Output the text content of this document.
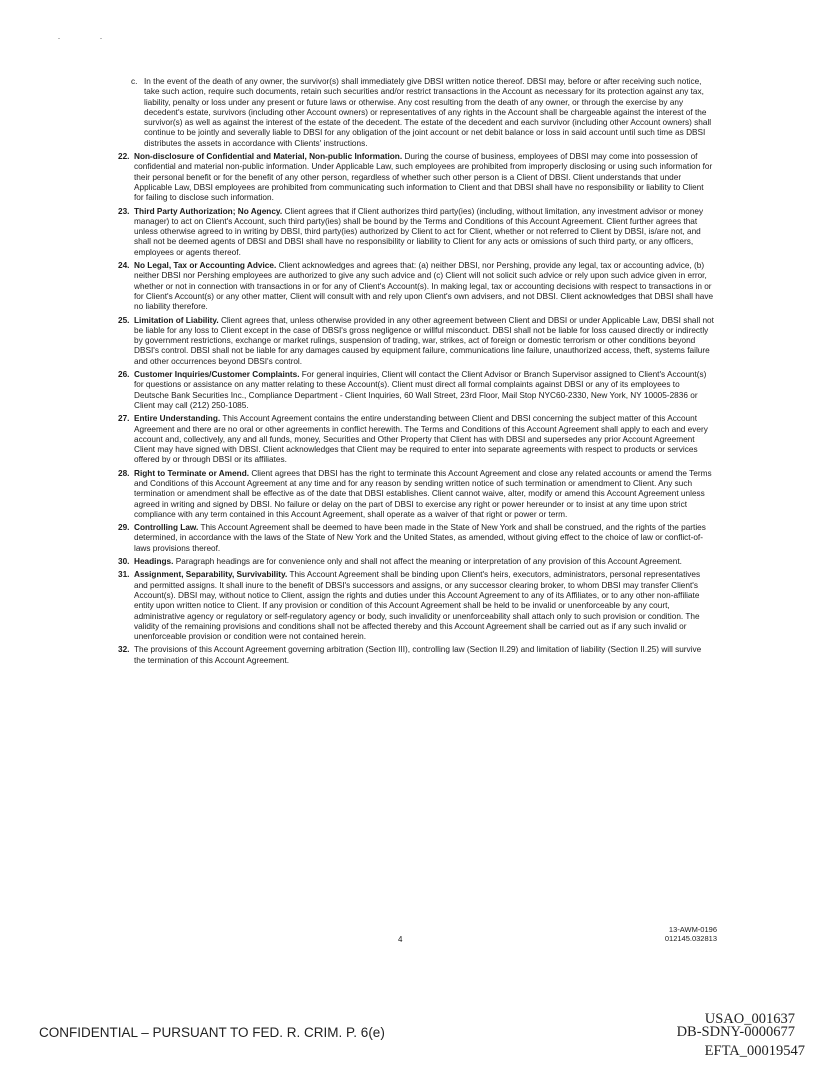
c. In the event of the death of any owner, the survivor(s) shall immediately give DBSI written notice thereof. DBSI may, before or after receiving such notice, take such action, require such documents, retain such securities and/or restrict transactions in the Account as necessary for its protection against any tax, liability, penalty or loss under any present or future laws or otherwise. Any cost resulting from the death of any owner, or through the exercise by any decedent's estate, survivors (including other Account owners) or representatives of any rights in the Account shall be chargeable against the interest of the survivor(s) as well as against the interest of the estate of the decedent. The estate of the decedent and each survivor (including other Account owners) shall continue to be jointly and severally liable to DBSI for any obligation of the joint account or net debit balance or loss in said account until such time as DBSI distributes the assets in accordance with Clients' instructions.
22. Non-disclosure of Confidential and Material, Non-public Information. During the course of business, employees of DBSI may come into possession of confidential and material non-public information. Under Applicable Law, such employees are prohibited from improperly disclosing or using such information for their personal benefit or for the benefit of any other person, regardless of whether such other person is a Client of DBSI. Client understands that under Applicable Law, DBSI employees are prohibited from communicating such information to Client and that DBSI shall have no responsibility or liability to Client for failing to disclose such information.
23. Third Party Authorization; No Agency. Client agrees that if Client authorizes third party(ies) (including, without limitation, any investment advisor or money manager) to act on Client's Account, such third party(ies) shall be bound by the Terms and Conditions of this Account Agreement. Client further agrees that unless otherwise agreed to in writing by DBSI, third party(ies) authorized by Client to act for Client, whether or not referred to Client by DBSI, is/are not, and shall not be deemed agents of DBSI and DBSI shall have no responsibility or liability to Client for any acts or omissions of such third party, or any officers, employees or agents thereof.
24. No Legal, Tax or Accounting Advice. Client acknowledges and agrees that: (a) neither DBSI, nor Pershing, provide any legal, tax or accounting advice, (b) neither DBSI nor Pershing employees are authorized to give any such advice and (c) Client will not solicit such advice or rely upon such advice given in error, whether or not in connection with transactions in or for any of Client's Account(s). In making legal, tax or accounting decisions with respect to transactions in or for Client's Account(s) or any other matter, Client will consult with and rely upon Client's own advisers, and not DBSI. Client acknowledges that DBSI shall have no liability therefore.
25. Limitation of Liability. Client agrees that, unless otherwise provided in any other agreement between Client and DBSI or under Applicable Law, DBSI shall not be liable for any loss to Client except in the case of DBSI's gross negligence or willful misconduct. DBSI shall not be liable for loss caused directly or indirectly by government restrictions, exchange or market rulings, suspension of trading, war, strikes, act of foreign or domestic terrorism or other conditions beyond DBSI's control. DBSI shall not be liable for any damages caused by equipment failure, communications line failure, unauthorized access, theft, systems failure and other occurrences beyond DBSI's control.
26. Customer Inquiries/Customer Complaints. For general inquiries, Client will contact the Client Advisor or Branch Supervisor assigned to Client's Account(s) for questions or assistance on any matter relating to these Account(s). Client must direct all formal complaints against DBSI or any of its employees to Deutsche Bank Securities Inc., Compliance Department - Client Inquiries, 60 Wall Street, 23rd Floor, Mail Stop NYC60-2330, New York, NY 10005-2836 or Client may call (212) 250-1085.
27. Entire Understanding. This Account Agreement contains the entire understanding between Client and DBSI concerning the subject matter of this Account Agreement and there are no oral or other agreements in conflict herewith. The Terms and Conditions of this Account Agreement shall apply to each and every account and, collectively, any and all funds, money, Securities and Other Property that Client has with DBSI and supersedes any prior Account Agreement Client may have signed with DBSI. Client acknowledges that Client may be required to enter into separate agreements with respect to products or services offered by or through DBSI or its affiliates.
28. Right to Terminate or Amend. Client agrees that DBSI has the right to terminate this Account Agreement and close any related accounts or amend the Terms and Conditions of this Account Agreement at any time and for any reason by sending written notice of such termination or amendment to Client. Any such termination or amendment shall be effective as of the date that DBSI establishes. Client cannot waive, alter, modify or amend this Account Agreement unless agreed in writing and signed by DBSI. No failure or delay on the part of DBSI to exercise any right or power hereunder or to insist at any time upon strict compliance with any term contained in this Account Agreement, shall operate as a waiver of that right or power or term.
29. Controlling Law. This Account Agreement shall be deemed to have been made in the State of New York and shall be construed, and the rights of the parties determined, in accordance with the laws of the State of New York and the United States, as amended, without giving effect to the choice of law or conflict-of-laws provisions thereof.
30. Headings. Paragraph headings are for convenience only and shall not affect the meaning or interpretation of any provision of this Account Agreement.
31. Assignment, Separability, Survivability. This Account Agreement shall be binding upon Client's heirs, executors, administrators, personal representatives and permitted assigns. It shall inure to the benefit of DBSI's successors and assigns, or any successor clearing broker, to whom DBSI may transfer Client's Account(s). DBSI may, without notice to Client, assign the rights and duties under this Account Agreement to any of its Affiliates, or to any other non-affiliate entity upon written notice to Client. If any provision or condition of this Account Agreement shall be held to be invalid or unenforceable by any court, administrative agency or regulatory or self-regulatory agency or body, such invalidity or unenforceability shall attach only to such provision or condition. The validity of the remaining provisions and conditions shall not be affected thereby and this Account Agreement shall be carried out as if any such invalid or unenforceable provision or condition were not contained herein.
32. The provisions of this Account Agreement governing arbitration (Section III), controlling law (Section II.29) and limitation of liability (Section II.25) will survive the termination of this Account Agreement.
4
13-AWM-0196
012145.032813
CONFIDENTIAL – PURSUANT TO FED. R. CRIM. P. 6(e)
USAO_001637
DB-SDNY-0000677
EFTA_00019547
